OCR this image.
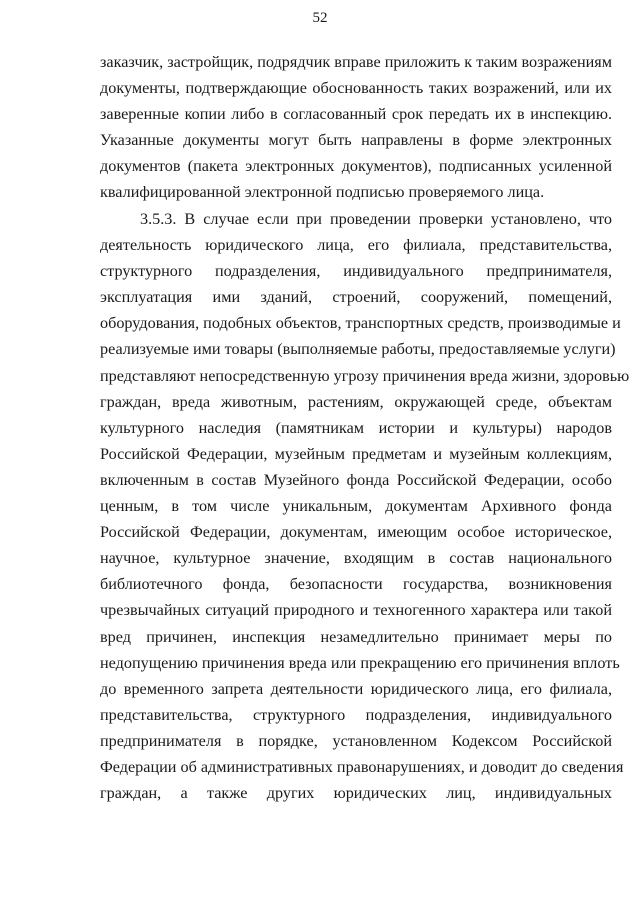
52
заказчик, застройщик, подрядчик вправе приложить к таким возражениям
документы, подтверждающие обоснованность таких возражений, или их
заверенные копии либо в согласованный срок передать их в инспекцию.
Указанные документы могут быть направлены в форме электронных
документов (пакета электронных документов), подписанных усиленной
квалифицированной электронной подписью проверяемого лица.
3.5.3. В случае если при проведении проверки установлено, что
деятельность юридического лица, его филиала, представительства,
структурного подразделения, индивидуального предпринимателя,
эксплуатация ими зданий, строений, сооружений, помещений,
оборудования, подобных объектов, транспортных средств, производимые и
реализуемые ими товары (выполняемые работы, предоставляемые услуги)
представляют непосредственную угрозу причинения вреда жизни, здоровью
граждан, вреда животным, растениям, окружающей среде, объектам
культурного наследия (памятникам истории и культуры) народов
Российской Федерации, музейным предметам и музейным коллекциям,
включенным в состав Музейного фонда Российской Федерации, особо
ценным, в том числе уникальным, документам Архивного фонда
Российской Федерации, документам, имеющим особое историческое,
научное, культурное значение, входящим в состав национального
библиотечного фонда, безопасности государства, возникновения
чрезвычайных ситуаций природного и техногенного характера или такой
вред причинен, инспекция незамедлительно принимает меры по
недопущению причинения вреда или прекращению его причинения вплоть
до временного запрета деятельности юридического лица, его филиала,
представительства, структурного подразделения, индивидуального
предпринимателя в порядке, установленном Кодексом Российской
Федерации об административных правонарушениях, и доводит до сведения
граждан, а также других юридических лиц, индивидуальных
